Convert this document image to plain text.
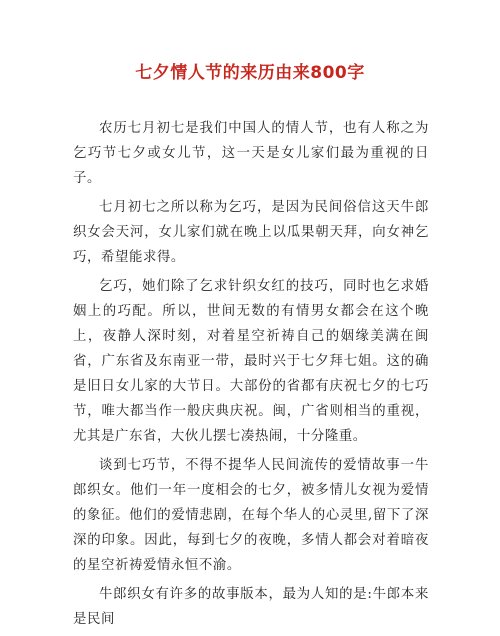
七夕情人节的来历由来800字

农历七月初七是我们中国人的情人节，也有人称之为乞巧节七夕或女儿节，这一天是女儿家们最为重视的日子。

七月初七之所以称为乞巧，是因为民间俗信这天牛郎织女会天河，女儿家们就在晚上以瓜果朝天拜，向女神乞巧，希望能求得。

乞巧，她们除了乞求针织女红的技巧，同时也乞求婚姻上的巧配。所以，世间无数的有情男女都会在这个晚上，夜静人深时刻，对着星空祈祷自己的姻缘美满在闽省，广东省及东南亚一带，最时兴于七夕拜七姐。这的确是旧日女儿家的大节日。大部份的省都有庆祝七夕的七巧节，唯大都当作一般庆典庆祝。闽，广省则相当的重视，尤其是广东省，大伙儿摆七凑热闹，十分隆重。

谈到七巧节，不得不提华人民间流传的爱情故事一牛郎织女。他们一年一度相会的七夕，被多情儿女视为爱情的象征。他们的爱情悲剧，在每个华人的心灵里,留下了深深的印象。因此，每到七夕的夜晚，多情人都会对着暗夜的星空祈祷爱情永恒不渝。

牛郎织女有许多的故事版本，最为人知的是:牛郎本来是民间
